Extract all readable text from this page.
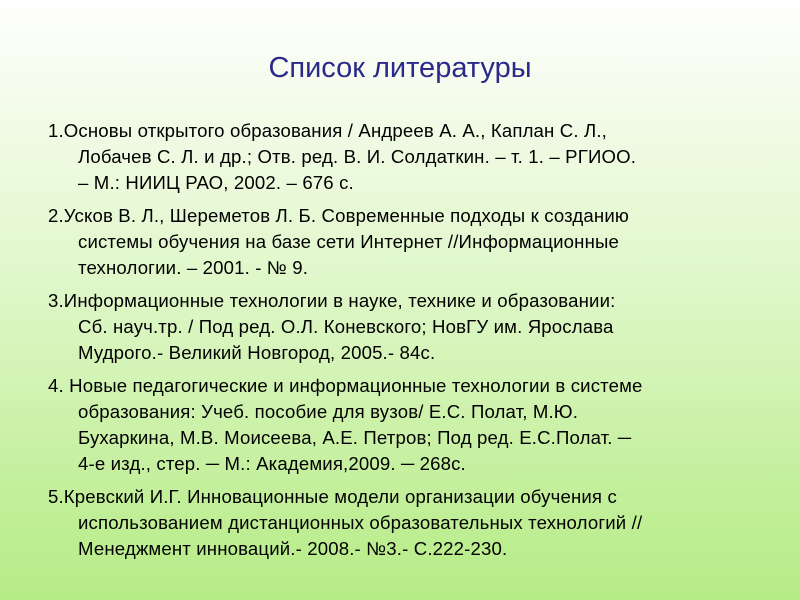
Список литературы
1.Основы открытого образования / Андреев А. А., Каплан С. Л.,
Лобачев С. Л. и др.; Отв. ред. В. И. Солдаткин. – т. 1. – РГИОО.
– М.: НИИЦ РАО, 2002. – 676 с.
2.Усков В. Л., Шереметов Л. Б. Современные подходы к созданию
системы обучения на базе сети Интернет //Информационные
технологии. – 2001. - № 9.
3.Информационные технологии в науке, технике и образовании:
Сб. науч.тр. / Под ред. О.Л. Коневского; НовГУ им. Ярослава
Мудрого.- Великий Новгород, 2005.- 84с.
4. Новые педагогические и информационные технологии в системе
образования: Учеб. пособие для вузов/ Е.С. Полат, М.Ю.
Бухаркина, М.В. Моисеева, А.Е. Петров; Под ред. Е.С.Полат. ─
4-е изд., стер. ─ М.: Академия,2009. ─ 268с.
5.Кревский И.Г. Инновационные модели организации обучения с
использованием дистанционных образовательных технологий //
Менеджмент инноваций.- 2008.- №3.- С.222-230.
